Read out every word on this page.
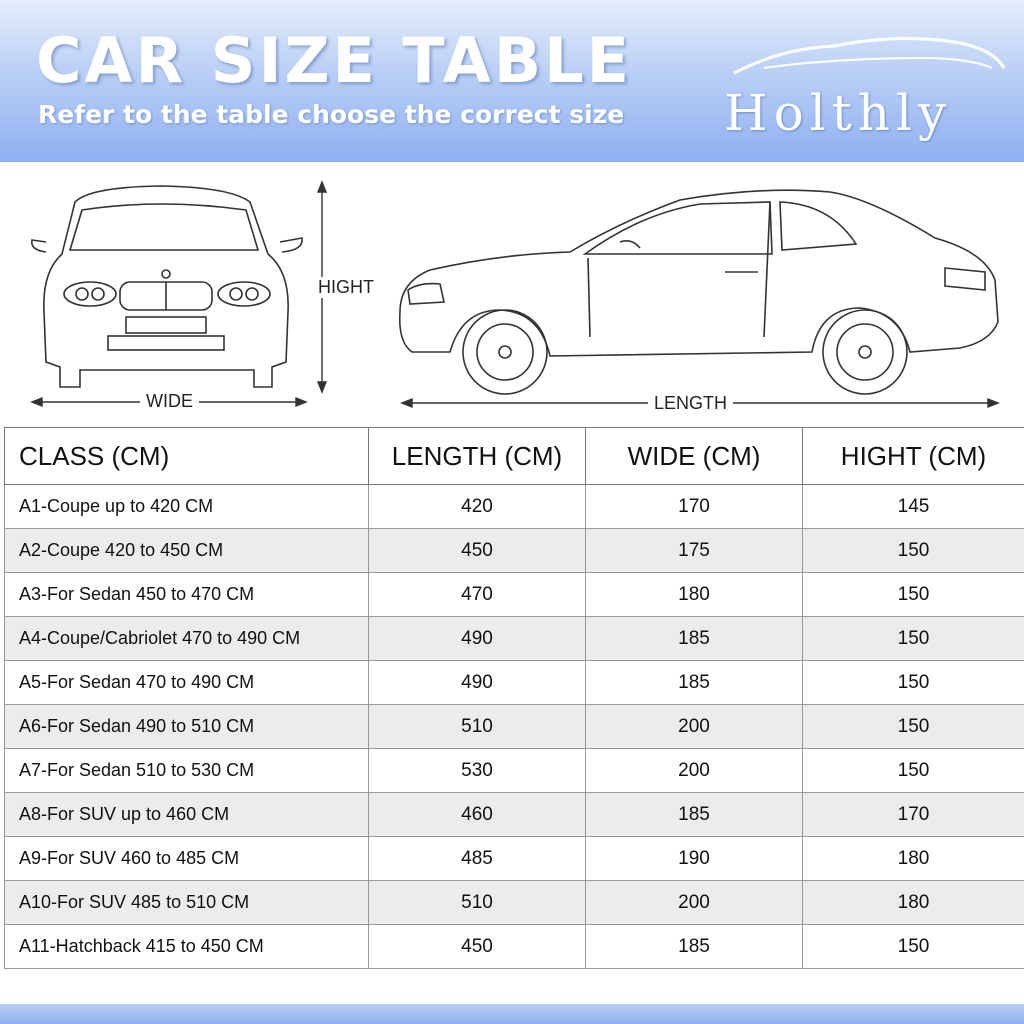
CAR SIZE TABLE
Refer to the table choose the correct size Holthly
HIGHT
WIDE	LENGTH
CLASS (CM)	LENGTH (CM)	WIDE (CM)	HIGHT (CM)
A1-Coupe up to 420 CM	420	170	145
A2-Coupe 420 to 450 CM	450	175	150
A3-For Sedan 450 to 470 CM	470	180	150
A4-Coupe/Cabriolet 470 to 490 CM	490	185	150
A5-For Sedan 470 to 490 CM	490	185	150
A6-For Sedan 490 to 510 CM	510	200	150
A7-For Sedan 510 to 530 CM	530	200	150
A8-For SUV up to 460 CM	460	185	170
A9-For SUV 460 to 485 CM	485	190	180
A10-For SUV 485 to 510 CM	510	200	180
A11-Hatchback 415 to 450 CM	450	185	150
